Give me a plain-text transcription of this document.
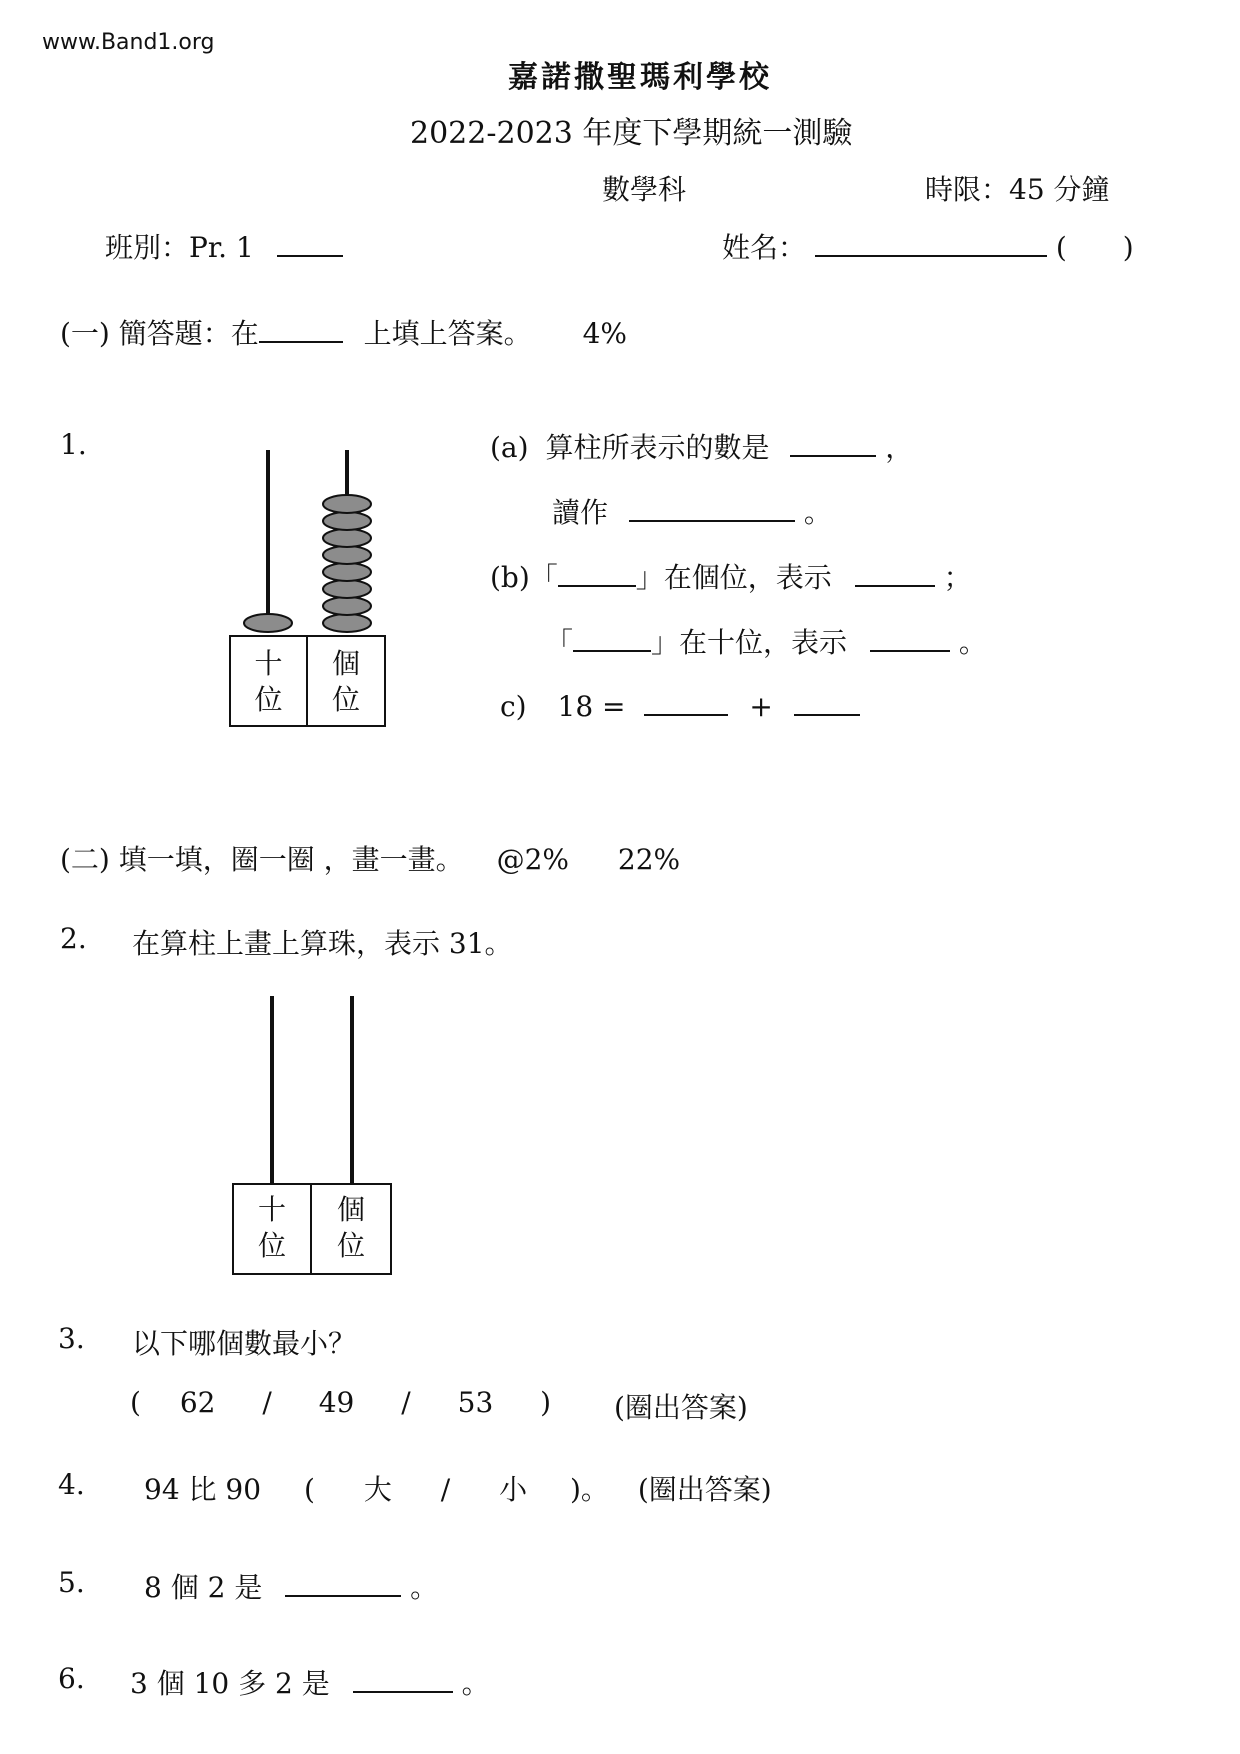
www.Band1.org
嘉諾撒聖瑪利學校
2022-2023 年度下學期統一測驗
數學科	時限：45 分鐘
班別：Pr. 1	姓名：	(　　)
(一) 簡答題：在	上填上答案。 4%
1.
十
位
個
位
(a) 算柱所表示的數是	，
讀作	。
(b)「	」在個位，表示	；
「	」在十位，表示	。
c) 18 =	+
(二) 填一填，圈一圈 ，畫一畫。 @2% 22%
2. 在算柱上畫上算珠，表示 31。
十
位
個
位
3. 以下哪個數最小？
( 62 / 49 / 53 ) (圈出答案)
4. 94 比 90 ( 大 / 小 )。 (圈出答案)
5. 8 個 2 是	。
6. 3 個 10 多 2 是	。
